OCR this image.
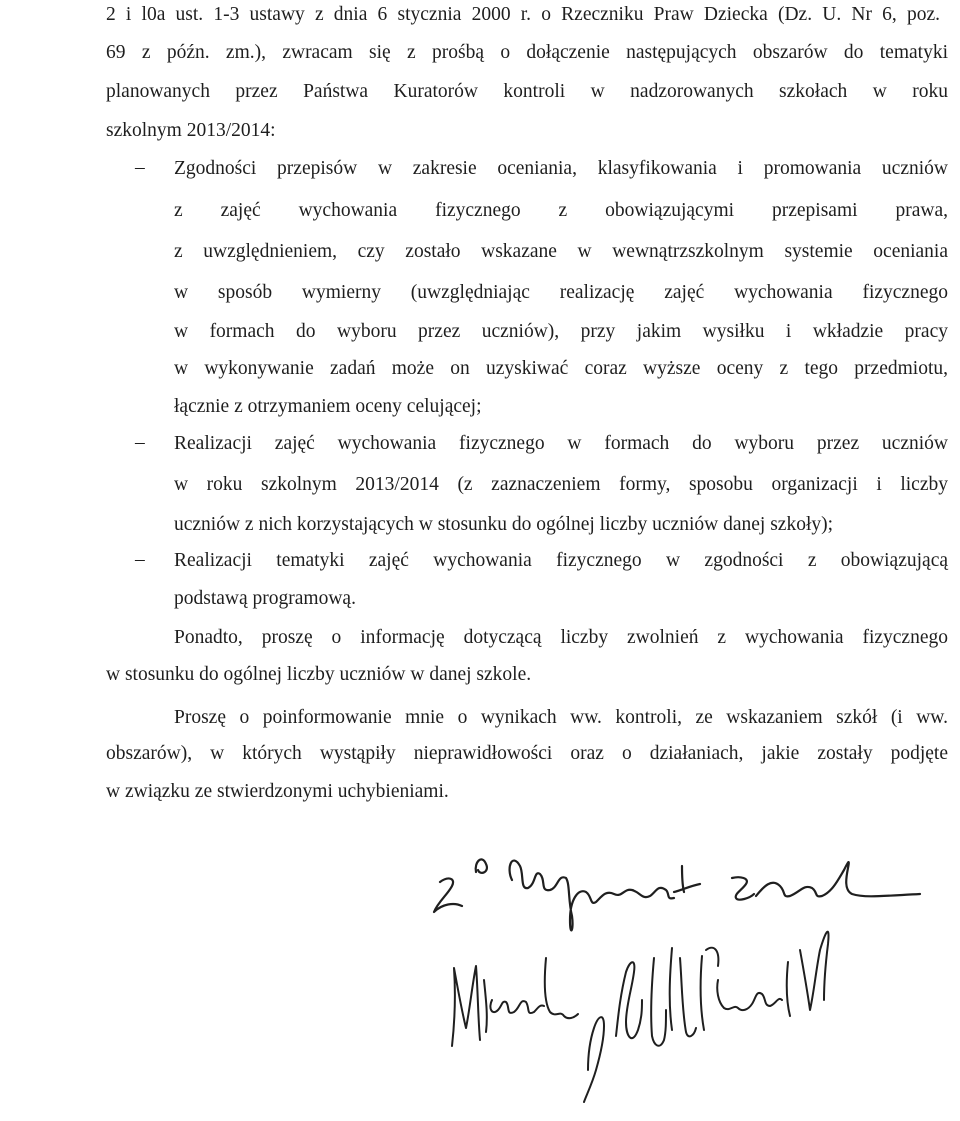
2 i l0a ust. 1-3 ustawy z dnia 6 stycznia 2000 r. o Rzeczniku Praw Dziecka (Dz. U. Nr 6, poz.
69 z późn. zm.), zwracam się z prośbą o dołączenie następujących obszarów do tematyki
planowanych przez Państwa Kuratorów kontroli w nadzorowanych szkołach w roku
szkolnym 2013/2014:
– Zgodności przepisów w zakresie oceniania, klasyfikowania i promowania uczniów
z zajęć wychowania fizycznego z obowiązującymi przepisami prawa,
z uwzględnieniem, czy zostało wskazane w wewnątrzszkolnym systemie oceniania
w sposób wymierny (uwzględniając realizację zajęć wychowania fizycznego
w formach do wyboru przez uczniów), przy jakim wysiłku i wkładzie pracy
w wykonywanie zadań może on uzyskiwać coraz wyższe oceny z tego przedmiotu,
łącznie z otrzymaniem oceny celującej;
– Realizacji zajęć wychowania fizycznego w formach do wyboru przez uczniów
w roku szkolnym 2013/2014 (z zaznaczeniem formy, sposobu organizacji i liczby
uczniów z nich korzystających w stosunku do ogólnej liczby uczniów danej szkoły);
– Realizacji tematyki zajęć wychowania fizycznego w zgodności z obowiązującą
podstawą programową.
Ponadto, proszę o informację dotyczącą liczby zwolnień z wychowania fizycznego
w stosunku do ogólnej liczby uczniów w danej szkole.
Proszę o poinformowanie mnie o wynikach ww. kontroli, ze wskazaniem szkół (i ww.
obszarów), w których wystąpiły nieprawidłowości oraz o działaniach, jakie zostały podjęte
w związku ze stwierdzonymi uchybieniami.
